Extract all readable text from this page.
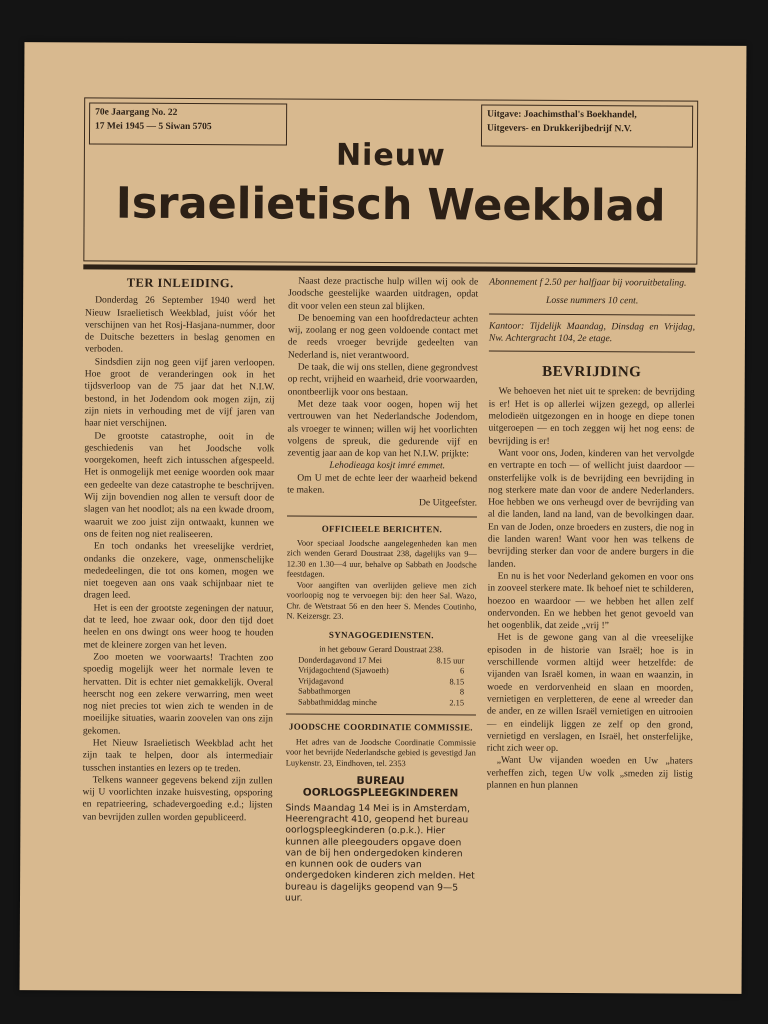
70e Jaargang No. 22
17 Mei 1945 — 5 Siwan 5705
Uitgave: Joachimsthal's Boekhandel,
Uitgevers- en Drukkerijbedrijf N.V.
Nieuw
Israelietisch Weekblad
TER INLEIDING.

Donderdag 26 September 1940 werd het Nieuw Israelietisch Weekblad, juist vóór het verschijnen van het Rosj-Hasjana-nummer, door de Duitsche bezetters in beslag genomen en verboden.

Sindsdien zijn nog geen vijf jaren verloopen. Hoe groot de veranderingen ook in het tijdsverloop van de 75 jaar dat het N.I.W. bestond, in het Jodendom ook mogen zijn, zij zijn niets in verhouding met de vijf jaren van haar niet verschijnen.

De grootste catastrophe, ooit in de geschiedenis van het Joodsche volk voorgekomen, heeft zich intusschen afgespeeld. Het is onmogelijk met eenige woorden ook maar een gedeelte van deze catastrophe te beschrijven. Wij zijn bovendien nog allen te versuft door de slagen van het noodlot; als na een kwade droom, waaruit we zoo juist zijn ontwaakt, kunnen we ons de feiten nog niet realiseeren.

En toch ondanks het vreeselijke verdriet, ondanks die onzekere, vage, onmenschelijke mededeelingen, die tot ons komen, mogen we niet toegeven aan ons vaak schijnbaar niet te dragen leed.

Het is een der grootste zegeningen der natuur, dat te leed, hoe zwaar ook, door den tijd doet heelen en ons dwingt ons weer hoog te houden met de kleinere zorgen van het leven.

Zoo moeten we voorwaarts! Trachten zoo spoedig mogelijk weer het normale leven te hervatten. Dit is echter niet gemakkelijk. Overal heerscht nog een zekere verwarring, men weet nog niet precies tot wien zich te wenden in de moeilijke situaties, waarin zoovelen van ons zijn gekomen.

Het Nieuw Israelietisch Weekblad acht het zijn taak te helpen, door als intermediair tusschen instanties en lezers op te treden.

Telkens wanneer gegevens bekend zijn zullen wij U voorlichten inzake huisvesting, opsporing en repatrieering, schadevergoeding e.d.; lijsten van bevrijden zullen worden gepubliceerd.

Naast deze practische hulp willen wij ook de Joodsche geestelijke waarden uitdragen, opdat dit voor velen een steun zal blijken.

De benoeming van een hoofdredacteur achten wij, zoolang er nog geen voldoende contact met de reeds vroeger bevrijde gedeelten van Nederland is, niet verantwoord.

De taak, die wij ons stellen, diene gegrondvest op recht, vrijheid en waarheid, drie voorwaarden, onontbeerlijk voor ons bestaan.

Met deze taak voor oogen, hopen wij het vertrouwen van het Nederlandsche Jodendom, als vroeger te winnen; willen wij het voorlichten volgens de spreuk, die gedurende vijf en zeventig jaar aan de kop van het N.I.W. prijkte:

Lehodieaga kosjt imré emmet.

Om U met de echte leer der waarheid bekend te maken.

De Uitgeefster.
OFFICIEELE BERICHTEN.

Voor speciaal Joodsche aangelegenheden kan men zich wenden Gerard Doustraat 238, dagelijks van 9—12.30 en 1.30—4 uur, behalve op Sabbath en Joodsche feestdagen.

Voor aangiften van overlijden gelieve men zich voorloopig nog te vervoegen bij: den heer Sal. Wazo, Chr. de Wetstraat 56 en den heer S. Mendes Coutinho, N. Keizersgr. 23.

SYNAGOGEDIENSTEN.
in het gebouw Gerard Doustraat 238.
Donderdagavond 17 Mei	8.15 uur
Vrijdagochtend (Sjawoeth)	6
Vrijdagavond	8.15
Sabbathmorgen	8
Sabbathmiddag minche	2.15
JOODSCHE COORDINATIE COMMISSIE.

Het adres van de Joodsche Coordinatie Commissie voor het bevrijde Nederlandsche gebied is gevestigd Jan Luykenstr. 23, Eindhoven, tel. 2353

BUREAU OORLOGSPLEEGKINDEREN
Sinds Maandag 14 Mei is in Amsterdam, Heerengracht 410, geopend het bureau oorlogspleegkinderen (o.p.k.). Hier kunnen alle pleegouders opgave doen van de bij hen ondergedoken kinderen en kunnen ook de ouders van ondergedoken kinderen zich melden. Het bureau is dagelijks geopend van 9—5 uur.

Abonnement f 2.50 per halfjaar bij vooruitbetaling.

Losse nummers 10 cent.

Kantoor: Tijdelijk Maandag, Dinsdag en Vrijdag, Nw. Achtergracht 104, 2e etage.

BEVRIJDING

We behoeven het niet uit te spreken: de bevrijding is er! Het is op allerlei wijzen gezegd, op allerlei melodieën uitgezongen en in hooge en diepe tonen uitgeroepen — en toch zeggen wij het nog eens: de bevrijding is er!

Want voor ons, Joden, kinderen van het vervolgde en vertrapte en toch — of wellicht juist daardoor — onsterfelijke volk is de bevrijding een bevrijding in nog sterkere mate dan voor de andere Nederlanders. Hoe hebben we ons verheugd over de bevrijding van al die landen, land na land, van de bevolkingen daar. En van de Joden, onze broeders en zusters, die nog in die landen waren! Want voor hen was telkens de bevrijding sterker dan voor de andere burgers in die landen.

En nu is het voor Nederland gekomen en voor ons in zooveel sterkere mate. Ik behoef niet te schilderen, hoezoo en waardoor — we hebben het allen zelf ondervonden. En we hebben het genot gevoeld van het oogenblik, dat zeide „vrij !”

Het is de gewone gang van al die vreeselijke episoden in de historie van Israël; hoe is in verschillende vormen altijd weer hetzelfde: de vijanden van Israël komen, in waan en waanzin, in woede en verdorvenheid en slaan en moorden, vernietigen en verpletteren, de eene al wreeder dan de ander, en ze willen Israël vernietigen en uitrooien — en eindelijk liggen ze zelf op den grond, vernietigd en verslagen, en Israël, het onsterfelijke, richt zich weer op.

„Want Uw vijanden woeden en Uw „haters verheffen zich, tegen Uw volk „smeden zij listig plannen en hun plannen
